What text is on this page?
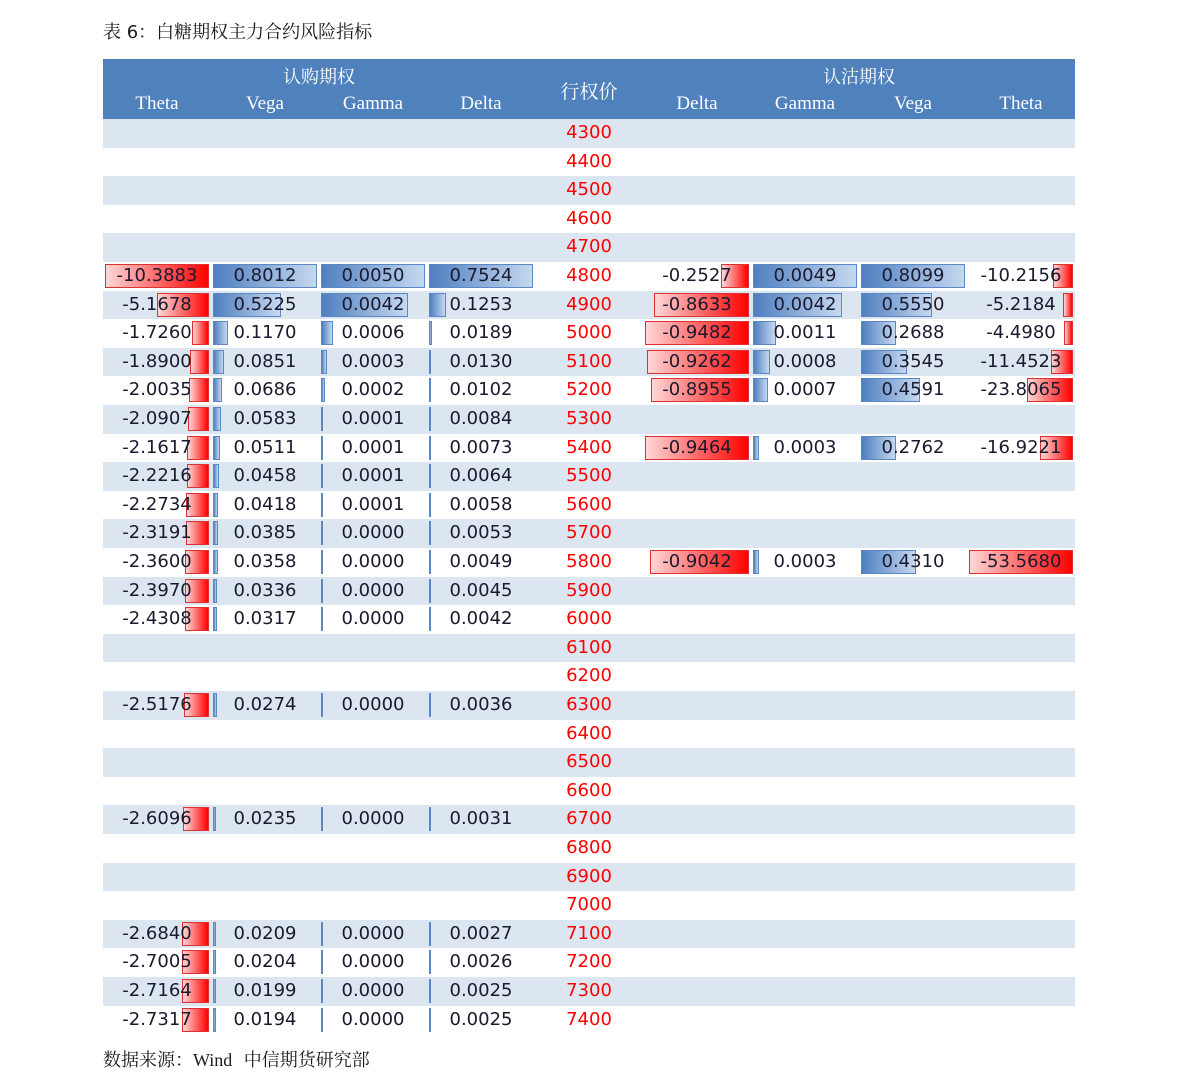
表 6：白糖期权主力合约风险指标
认购期权	认沽期权
行权价
Theta	Vega	Gamma	Delta	Delta	Gamma	Vega	Theta
4300
4400
4500
4600
4700
-10.3883	0.8012	0.0050	0.7524	4800	-0.2527	0.0049	0.8099	-10.2156
-5.1678	0.5225	0.0042	0.1253	4900	-0.8633	0.0042	0.5550	-5.2184
-1.7260	0.1170	0.0006	0.0189	5000	-0.9482	0.0011	0.2688	-4.4980
-1.8900	0.0851	0.0003	0.0130	5100	-0.9262	0.0008	0.3545	-11.4523
-2.0035	0.0686	0.0002	0.0102	5200	-0.8955	0.0007	0.4591	-23.8065
-2.0907	0.0583	0.0001	0.0084	5300
-2.1617	0.0511	0.0001	0.0073	5400	-0.9464	0.0003	0.2762	-16.9221
-2.2216	0.0458	0.0001	0.0064	5500
-2.2734	0.0418	0.0001	0.0058	5600
-2.3191	0.0385	0.0000	0.0053	5700
-2.3600	0.0358	0.0000	0.0049	5800	-0.9042	0.0003	0.4310	-53.5680
-2.3970	0.0336	0.0000	0.0045	5900
-2.4308	0.0317	0.0000	0.0042	6000
6100
6200
-2.5176	0.0274	0.0000	0.0036	6300
6400
6500
6600
-2.6096	0.0235	0.0000	0.0031	6700
6800
6900
7000
-2.6840	0.0209	0.0000	0.0027	7100
-2.7005	0.0204	0.0000	0.0026	7200
-2.7164	0.0199	0.0000	0.0025	7300
-2.7317	0.0194	0.0000	0.0025	7400
数据来源：Wind 中信期货研究部
